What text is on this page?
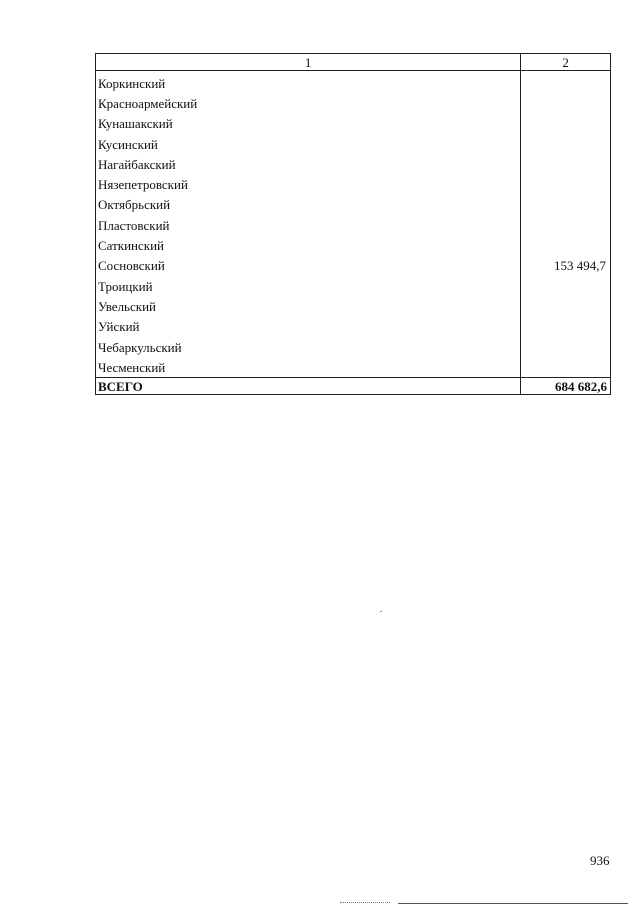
1	2
Коркинский	
Красноармейский	
Кунашакский	
Кусинский	
Нагайбакский	
Нязепетровский	
Октябрьский	
Пластовский	
Саткинский	
Сосновский	153 494,7
Троицкий	
Увельский	
Уйский	
Чебаркульский	
Чесменский	
ВСЕГО	684 682,6
936
